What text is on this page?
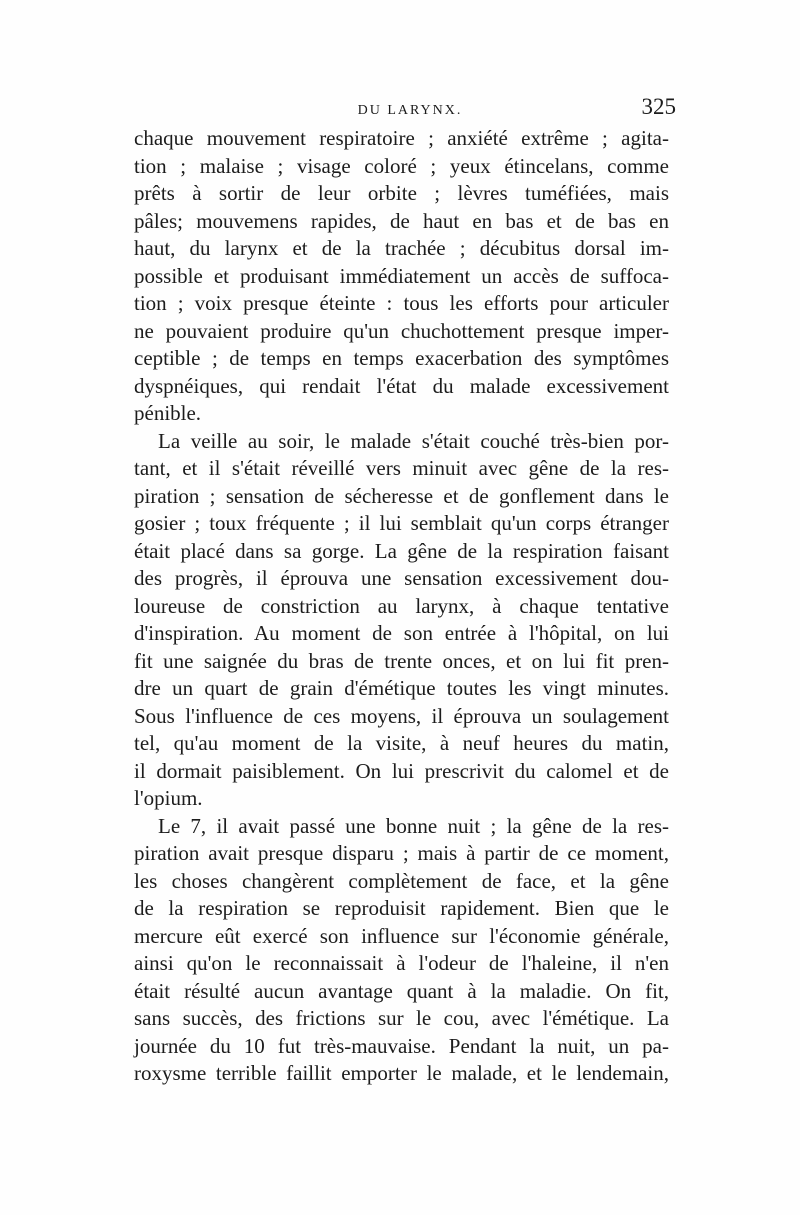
DU LARYNX.	325
chaque mouvement respiratoire ; anxiété extrême ; agita-
tion ; malaise ; visage coloré ; yeux étincelans, comme
prêts à sortir de leur orbite ; lèvres tuméfiées, mais
pâles; mouvemens rapides, de haut en bas et de bas en
haut, du larynx et de la trachée ; décubitus dorsal im-
possible et produisant immédiatement un accès de suffoca-
tion ; voix presque éteinte : tous les efforts pour articuler
ne pouvaient produire qu'un chuchottement presque imper-
ceptible ; de temps en temps exacerbation des symptômes
dyspnéiques, qui rendait l'état du malade excessivement
pénible.
La veille au soir, le malade s'était couché très-bien por-
tant, et il s'était réveillé vers minuit avec gêne de la res-
piration ; sensation de sécheresse et de gonflement dans le
gosier ; toux fréquente ; il lui semblait qu'un corps étranger
était placé dans sa gorge. La gêne de la respiration faisant
des progrès, il éprouva une sensation excessivement dou-
loureuse de constriction au larynx, à chaque tentative
d'inspiration. Au moment de son entrée à l'hôpital, on lui
fit une saignée du bras de trente onces, et on lui fit pren-
dre un quart de grain d'émétique toutes les vingt minutes.
Sous l'influence de ces moyens, il éprouva un soulagement
tel, qu'au moment de la visite, à neuf heures du matin,
il dormait paisiblement. On lui prescrivit du calomel et de
l'opium.
Le 7, il avait passé une bonne nuit ; la gêne de la res-
piration avait presque disparu ; mais à partir de ce moment,
les choses changèrent complètement de face, et la gêne
de la respiration se reproduisit rapidement. Bien que le
mercure eût exercé son influence sur l'économie générale,
ainsi qu'on le reconnaissait à l'odeur de l'haleine, il n'en
était résulté aucun avantage quant à la maladie. On fit,
sans succès, des frictions sur le cou, avec l'émétique. La
journée du 10 fut très-mauvaise. Pendant la nuit, un pa-
roxysme terrible faillit emporter le malade, et le lendemain,
